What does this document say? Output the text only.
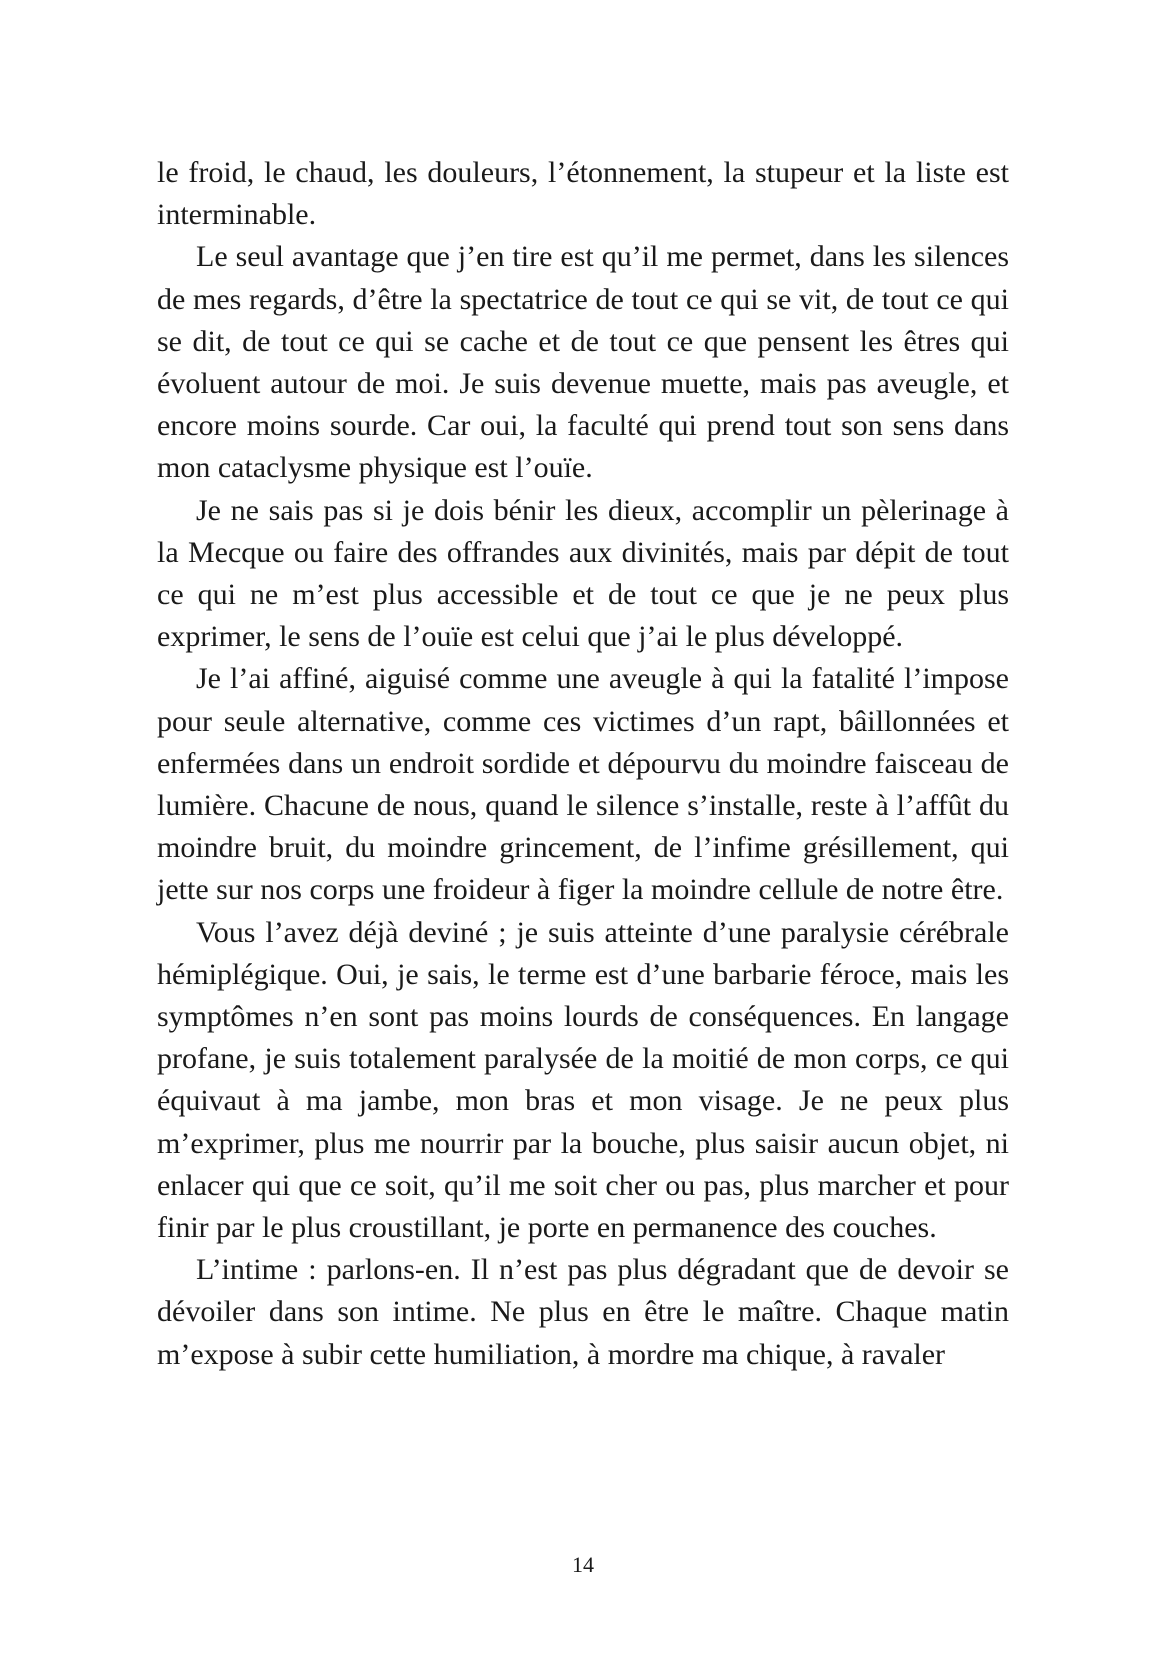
le froid, le chaud, les douleurs, l’étonnement, la stupeur et la liste est interminable.

Le seul avantage que j’en tire est qu’il me permet, dans les silences de mes regards, d’être la spectatrice de tout ce qui se vit, de tout ce qui se dit, de tout ce qui se cache et de tout ce que pensent les êtres qui évoluent autour de moi. Je suis devenue muette, mais pas aveugle, et encore moins sourde. Car oui, la faculté qui prend tout son sens dans mon cataclysme physique est l’ouïe.

Je ne sais pas si je dois bénir les dieux, accomplir un pèlerinage à la Mecque ou faire des offrandes aux divinités, mais par dépit de tout ce qui ne m’est plus accessible et de tout ce que je ne peux plus exprimer, le sens de l’ouïe est celui que j’ai le plus développé.

Je l’ai affiné, aiguisé comme une aveugle à qui la fatalité l’impose pour seule alternative, comme ces victimes d’un rapt, bâillonnées et enfermées dans un endroit sordide et dépourvu du moindre faisceau de lumière. Chacune de nous, quand le silence s’installe, reste à l’affût du moindre bruit, du moindre grincement, de l’infime grésillement, qui jette sur nos corps une froideur à figer la moindre cellule de notre être.

Vous l’avez déjà deviné ; je suis atteinte d’une paralysie cérébrale hémiplégique. Oui, je sais, le terme est d’une barbarie féroce, mais les symptômes n’en sont pas moins lourds de conséquences. En langage profane, je suis totalement paralysée de la moitié de mon corps, ce qui équivaut à ma jambe, mon bras et mon visage. Je ne peux plus m’exprimer, plus me nourrir par la bouche, plus saisir aucun objet, ni enlacer qui que ce soit, qu’il me soit cher ou pas, plus marcher et pour finir par le plus croustillant, je porte en permanence des couches.

L’intime : parlons-en. Il n’est pas plus dégradant que de devoir se dévoiler dans son intime. Ne plus en être le maître. Chaque matin m’expose à subir cette humiliation, à mordre ma chique, à ravaler

14
